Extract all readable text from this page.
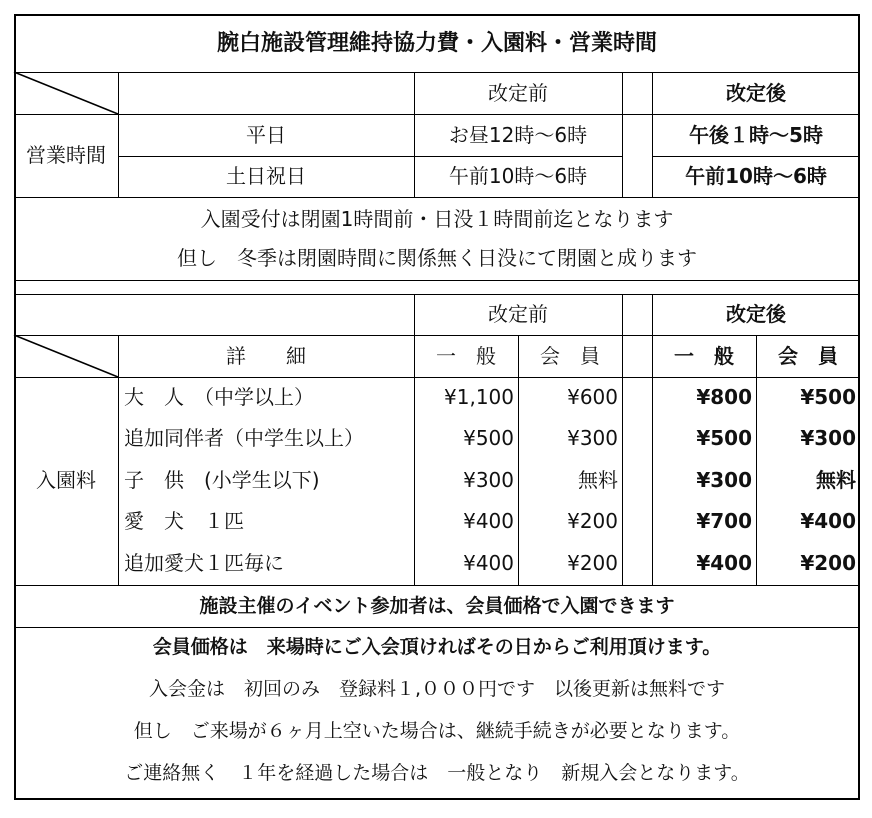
腕白施設管理維持協力費・入園料・営業時間
改定前	改定後
営業時間
平日	お昼12時～6時	午後１時～5時
土日祝日	午前10時～6時	午前10時～6時
入園受付は閉園1時間前・日没１時間前迄となります
但し　冬季は閉園時間に関係無く日没にて閉園と成ります
改定前	改定後
詳　　細	一　般	会　員	一　般	会　員
入園料
大　人　（中学以上）	¥1,100	¥600	¥800	¥500
追加同伴者（中学生以上）	¥500	¥300	¥500	¥300
子　供　(小学生以下)	¥300	無料	¥300	無料
愛　犬　１匹	¥400	¥200	¥700	¥400
追加愛犬１匹毎に	¥400	¥200	¥400	¥200
施設主催のイベント参加者は、会員価格で入園できます
会員価格は　来場時にご入会頂ければその日からご利用頂けます。
入会金は　初回のみ　登録料１,０００円です　以後更新は無料です
但し　ご来場が６ヶ月上空いた場合は、継続手続きが必要となります。
ご連絡無く　１年を経過した場合は　一般となり　新規入会となります。
